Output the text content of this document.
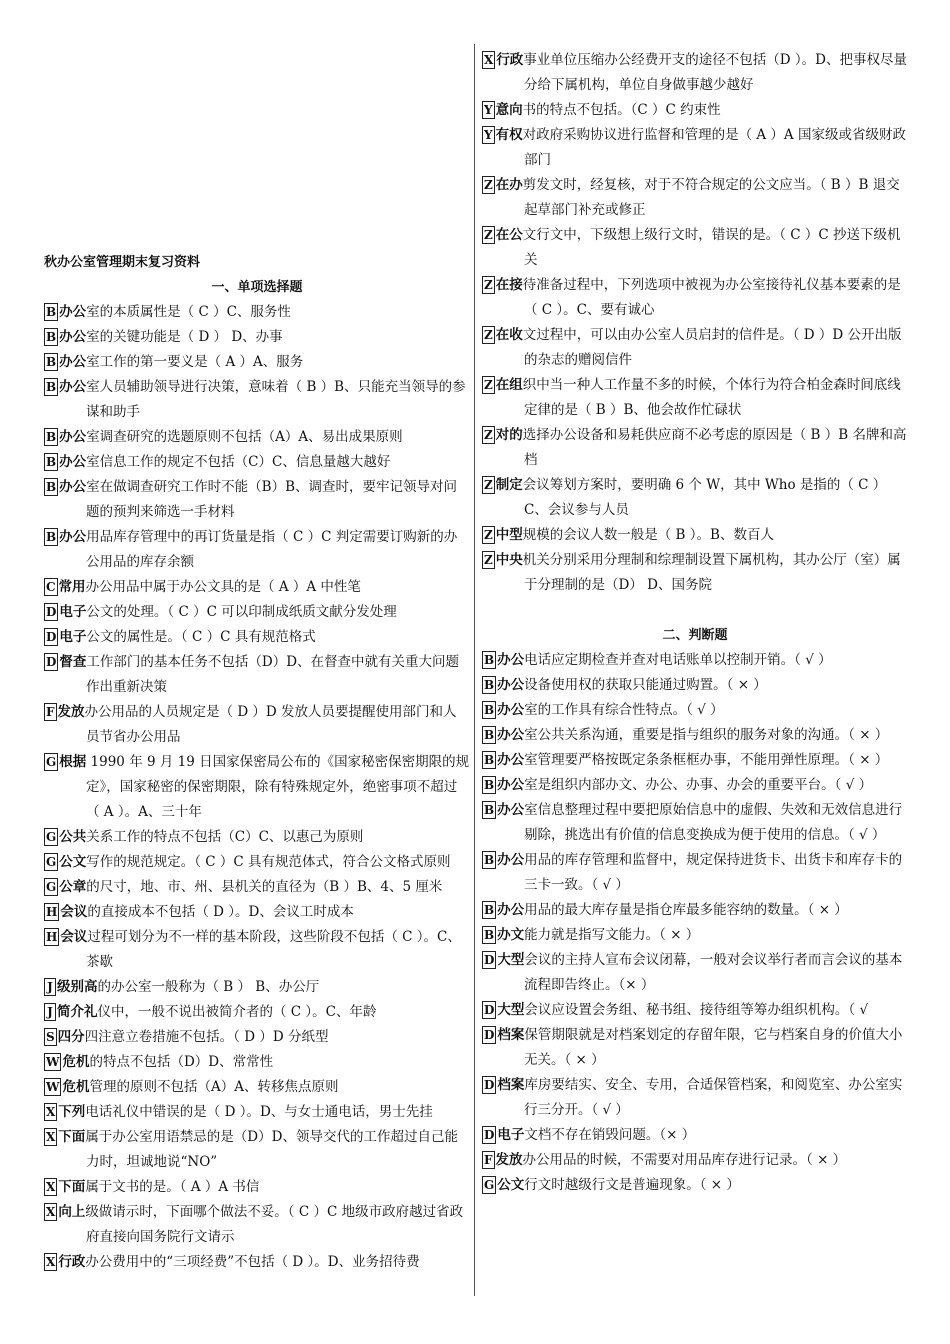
秋办公室管理期末复习资料
一、单项选择题
B 办公室的本质属性是（ C ）C、服务性
B 办公室的关键功能是（ D ） D、办事
B 办公室工作的第一要义是（ A ）A、服务
B 办公室人员辅助领导进行决策，意味着（ B ）B、只能充当领导的参谋和助手
B 办公室调查研究的选题原则不包括（A）A、易出成果原则
B 办公室信息工作的规定不包括（C）C、信息量越大越好
B 办公室在做调查研究工作时不能（B）B、调查时，要牢记领导对问题的预判来筛选一手材料
B 办公用品库存管理中的再订货量是指（ C ）C 判定需要订购新的办公用品的库存余额
C 常用办公用品中属于办公文具的是（ A ）A 中性笔
D 电子公文的处理。（ C ）C 可以印制成纸质文献分发处理
D 电子公文的属性是。（ C ）C 具有规范格式
D 督查工作部门的基本任务不包括（D）D、在督查中就有关重大问题作出重新决策
F 发放办公用品的人员规定是（ D ）D 发放人员要提醒使用部门和人员节省办公用品
G 根据 1990 年 9 月 19 日国家保密局公布的《国家秘密保密期限的规定》，国家秘密的保密期限，除有特殊规定外，绝密事项不超过（ A ）。A、三十年
G 公共关系工作的特点不包括（C）C、以惠己为原则
G 公文写作的规范规定。（ C ）C 具有规范体式，符合公文格式原则
G 公章的尺寸，地、市、州、县机关的直径为（B ）B、4、5 厘米
H 会议的直接成本不包括（ D ）。D、会议工时成本
H 会议过程可划分为不一样的基本阶段，这些阶段不包括（ C ）。C、茶歇
J 级别高的办公室一般称为（ B ） B、办公厅
J 简介礼仪中，一般不说出被简介者的（ C ）。C、年龄
S 四分四注意立卷措施不包括。（ D ）D 分纸型
W 危机的特点不包括（D）D、常常性
W 危机管理的原则不包括（A）A、转移焦点原则
X 下列电话礼仪中错误的是（ D ）。D、与女士通电话，男士先挂
X 下面属于办公室用语禁忌的是（D）D、领导交代的工作超过自己能力时，坦诚地说“NO”
X 下面属于文书的是。（ A ）A 书信
X 向上级做请示时，下面哪个做法不妥。（ C ）C 地级市政府越过省政府直接向国务院行文请示
X 行政办公费用中的“三项经费”不包括（ D ）。D、业务招待费
X 行政事业单位压缩办公经费开支的途径不包括（D ）。D、把事权尽量分给下属机构，单位自身做事越少越好
Y 意向书的特点不包括。（C ）C 约束性
Y 有权对政府采购协议进行监督和管理的是（ A ）A 国家级或省级财政部门
Z 在办剪发文时，经复核，对于不符合规定的公文应当。（ B ）B 退交起草部门补充或修正
Z 在公文行文中，下级想上级行文时，错误的是。（ C ）C 抄送下级机关
Z 在接待准备过程中，下列选项中被视为办公室接待礼仪基本要素的是（ C ）。C、要有诚心
Z 在收文过程中，可以由办公室人员启封的信件是。（ D ）D 公开出版的杂志的赠阅信件
Z 在组织中当一种人工作量不多的时候，个体行为符合柏金森时间底线定律的是（ B ）B、他会故作忙碌状
Z 对的选择办公设备和易耗供应商不必考虑的原因是（ B ）B 名牌和高档
Z 制定会议筹划方案时，要明确 6 个 W，其中 Who 是指的（ C ）C、会议参与人员
Z 中型规模的会议人数一般是（ B ）。B、数百人
Z 中央机关分别采用分理制和综理制设置下属机构，其办公厅（室）属于分理制的是（D） D、国务院
二、判断题
B 办公电话应定期检查并查对电话账单以控制开销。（ √ ）
B 办公设备使用权的获取只能通过购置。（ × ）
B 办公室的工作具有综合性特点。（ √ ）
B 办公室公共关系沟通，重要是指与组织的服务对象的沟通。（ × ）
B 办公室管理要严格按既定条条框框办事，不能用弹性原理。（ × ）
B 办公室是组织内部办文、办公、办事、办会的重要平台。（ √ ）
B 办公室信息整理过程中要把原始信息中的虚假、失效和无效信息进行剔除，挑选出有价值的信息变换成为便于使用的信息。（ √ ）
B 办公用品的库存管理和监督中，规定保持进货卡、出货卡和库存卡的三卡一致。（ √ ）
B 办公用品的最大库存量是指仓库最多能容纳的数量。（ × ）
B 办文能力就是指写文能力。（ × ）
D 大型会议的主持人宣布会议闭幕，一般对会议举行者而言会议的基本流程即告终止。（× ）
D 大型会议应设置会务组、秘书组、接待组等筹办组织机构。（ √
D 档案保管期限就是对档案划定的存留年限，它与档案自身的价值大小无关。（ × ）
D 档案库房要结实、安全、专用，合适保管档案，和阅览室、办公室实行三分开。（ √ ）
D 电子文档不存在销毁问题。（× ）
F 发放办公用品的时候，不需要对用品库存进行记录。（ × ）
G 公文行文时越级行文是普遍现象。（ × ）
